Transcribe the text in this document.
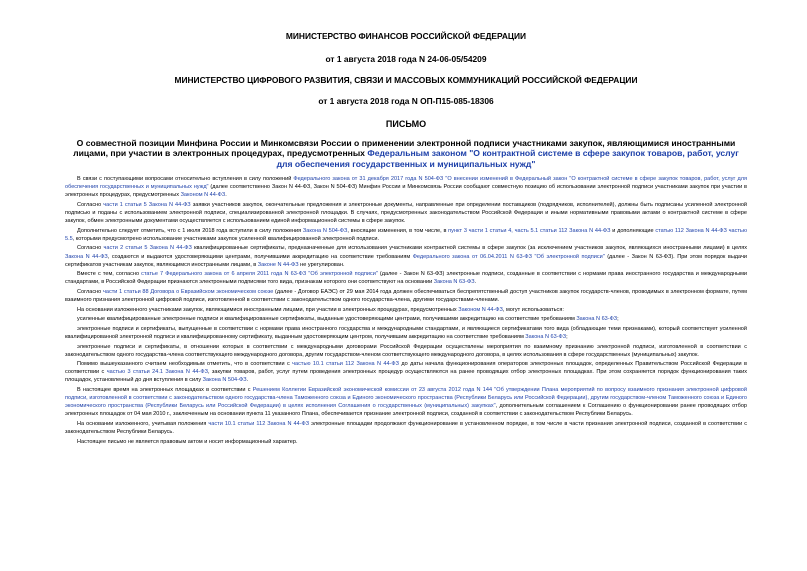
МИНИСТЕРСТВО ФИНАНСОВ РОССИЙСКОЙ ФЕДЕРАЦИИ
от 1 августа 2018 года N 24-06-05/54209
МИНИСТЕРСТВО ЦИФРОВОГО РАЗВИТИЯ, СВЯЗИ И МАССОВЫХ КОММУНИКАЦИЙ РОССИЙСКОЙ ФЕДЕРАЦИИ
от 1 августа 2018 года N ОП-П15-085-18306
ПИСЬМО
О совместной позиции Минфина России и Минкомсвязи России о применении электронной подписи участниками закупок, являющимися иностранными лицами, при участии в электронных процедурах, предусмотренных Федеральным законом "О контрактной системе в сфере закупок товаров, работ, услуг для обеспечения государственных и муниципальных нужд"

В связи с поступающими вопросами относительно вступления в силу положений Федерального закона от 31 декабря 2017 года N 504-ФЗ "О внесении изменений в Федеральный закон "О контрактной системе в сфере закупок товаров, работ, услуг для обеспечения государственных и муниципальных нужд" (далее соответственно Закон N 44-ФЗ, Закон N 504-ФЗ) Минфин России и Минкомсвязь России сообщают совместную позицию об использовании электронной подписи участниками закупок при участии в электронных процедурах, предусмотренных Законом N 44-ФЗ.

Согласно части 1 статьи 5 Закона N 44-ФЗ заявки участников закупок, окончательные предложения и электронные документы, направленные при определении поставщиков (подрядчиков, исполнителей), должны быть подписаны усиленной электронной подписью и поданы с использованием электронной подписи, специализированной электронной площадки. В случаях, предусмотренных законодательством Российской Федерации и иными нормативными правовыми актами о контрактной системе в сфере закупок, обмен электронными документами осуществляется с использованием единой информационной системы в сфере закупок.

Дополнительно следует отметить, что с 1 июля 2018 года вступили в силу положения Закона N 504-ФЗ, вносящие изменения, в том числе, в пункт 3 части 1 статьи 4, часть 5.1 статьи 112 Закона N 44-ФЗ и дополняющие статью 112 Закона N 44-ФЗ частью 5.5, которыми предусмотрено использование участниками закупок усиленной квалифицированной электронной подписи.

Согласно части 2 статьи 5 Закона N 44-ФЗ квалифицированные сертификаты, предназначенные для использования участниками контрактной системы в сфере закупок (за исключением участников закупок, являющихся иностранными лицами) в целях Закона N 44-ФЗ, создаются и выдаются удостоверяющими центрами, получившими аккредитацию на соответствие требованиям Федерального закона от 06.04.2011 N 63-ФЗ "Об электронной подписи" (далее - Закон N 63-ФЗ). При этом порядок выдачи сертификатов участникам закупок, являющимся иностранными лицами, в Законе N 44-ФЗ не урегулирован.

Вместе с тем, согласно статье 7 Федерального закона от 6 апреля 2011 года N 63-ФЗ "Об электронной подписи" (далее - Закон N 63-ФЗ) электронные подписи, созданные в соответствии с нормами права иностранного государства и международными стандартами, в Российской Федерации признаются электронными подписями того вида, признакам которого они соответствуют на основании Закона N 63-ФЗ.

Согласно части 1 статьи 88 Договора о Евразийском экономическом союзе (далее - Договор ЕАЭС) от 29 мая 2014 года должен обеспечиваться беспрепятственный доступ участников закупок государств-членов, проводимых в электронном формате, путем взаимного признания электронной цифровой подписи, изготовленной в соответствии с законодательством одного государства-члена, другими государствами-членами.

На основании изложенного участниками закупок, являющимися иностранными лицами, при участии в электронных процедурах, предусмотренных Законом N 44-ФЗ, могут использоваться:

усиленные квалифицированные электронные подписи и квалифицированные сертификаты, выданные удостоверяющими центрами, получившими аккредитацию на соответствие требованиям Закона N 63-ФЗ;

электронные подписи и сертификаты, выпущенные в соответствии с нормами права иностранного государства и международными стандартами, и являющиеся сертификатами того вида (обладающие теми признаками), который соответствует усиленной квалифицированной электронной подписи и квалифицированному сертификату, выданным удостоверяющим центром, получившим аккредитацию на соответствие требованиям Закона N 63-ФЗ;

электронные подписи и сертификаты, в отношении которых в соответствии с международными договорами Российской Федерации осуществлены мероприятия по взаимному признанию электронной подписи, изготовленной в соответствии с законодательством одного государства-члена соответствующего международного договора, другим государством-членом соответствующего международного договора, в целях использования в сфере государственных (муниципальных) закупок.

Помимо вышеуказанного считаем необходимым отметить, что в соответствии с частью 10.1 статьи 112 Закона N 44-ФЗ до даты начала функционирования операторов электронных площадок, определенных Правительством Российской Федерации в соответствии с частью 3 статьи 24.1 Закона N 44-ФЗ, закупки товаров, работ, услуг путем проведения электронных процедур осуществляются на ранее проводящих отбор электронных площадках. При этом сохраняется порядок функционирования таких площадок, установленный до дня вступления в силу Закона N 504-ФЗ.

В настоящее время на электронных площадках в соответствии с Решением Коллегии Евразийской экономической комиссии от 23 августа 2012 года N 144 "Об утверждении Плана мероприятий по вопросу взаимного признания электронной цифровой подписи, изготовленной в соответствии с законодательством одного государства-члена Таможенного союза и Единого экономического пространства (Республики Беларусь или Российской Федерации), другим государством-членом Таможенного союза и Единого экономического пространства (Республики Беларусь или Российской Федерации) в целях исполнения Соглашения о государственных (муниципальных) закупках", дополнительным соглашением к Соглашению о функционировании ранее проводящих отбор электронных площадок от 04 мая 2010 г., заключенным на основании пункта 11 указанного Плана, обеспечивается признание электронной подписи, созданной в соответствии с законодательством Республики Беларусь.

На основании изложенного, учитывая положения части 10.1 статьи 112 Закона N 44-ФЗ электронные площадки продолжают функционирование в установленном порядке, в том числе в части признания электронной подписи, созданной в соответствии с законодательством Республики Беларусь.

Настоящее письмо не является правовым актом и носит информационный характер.
